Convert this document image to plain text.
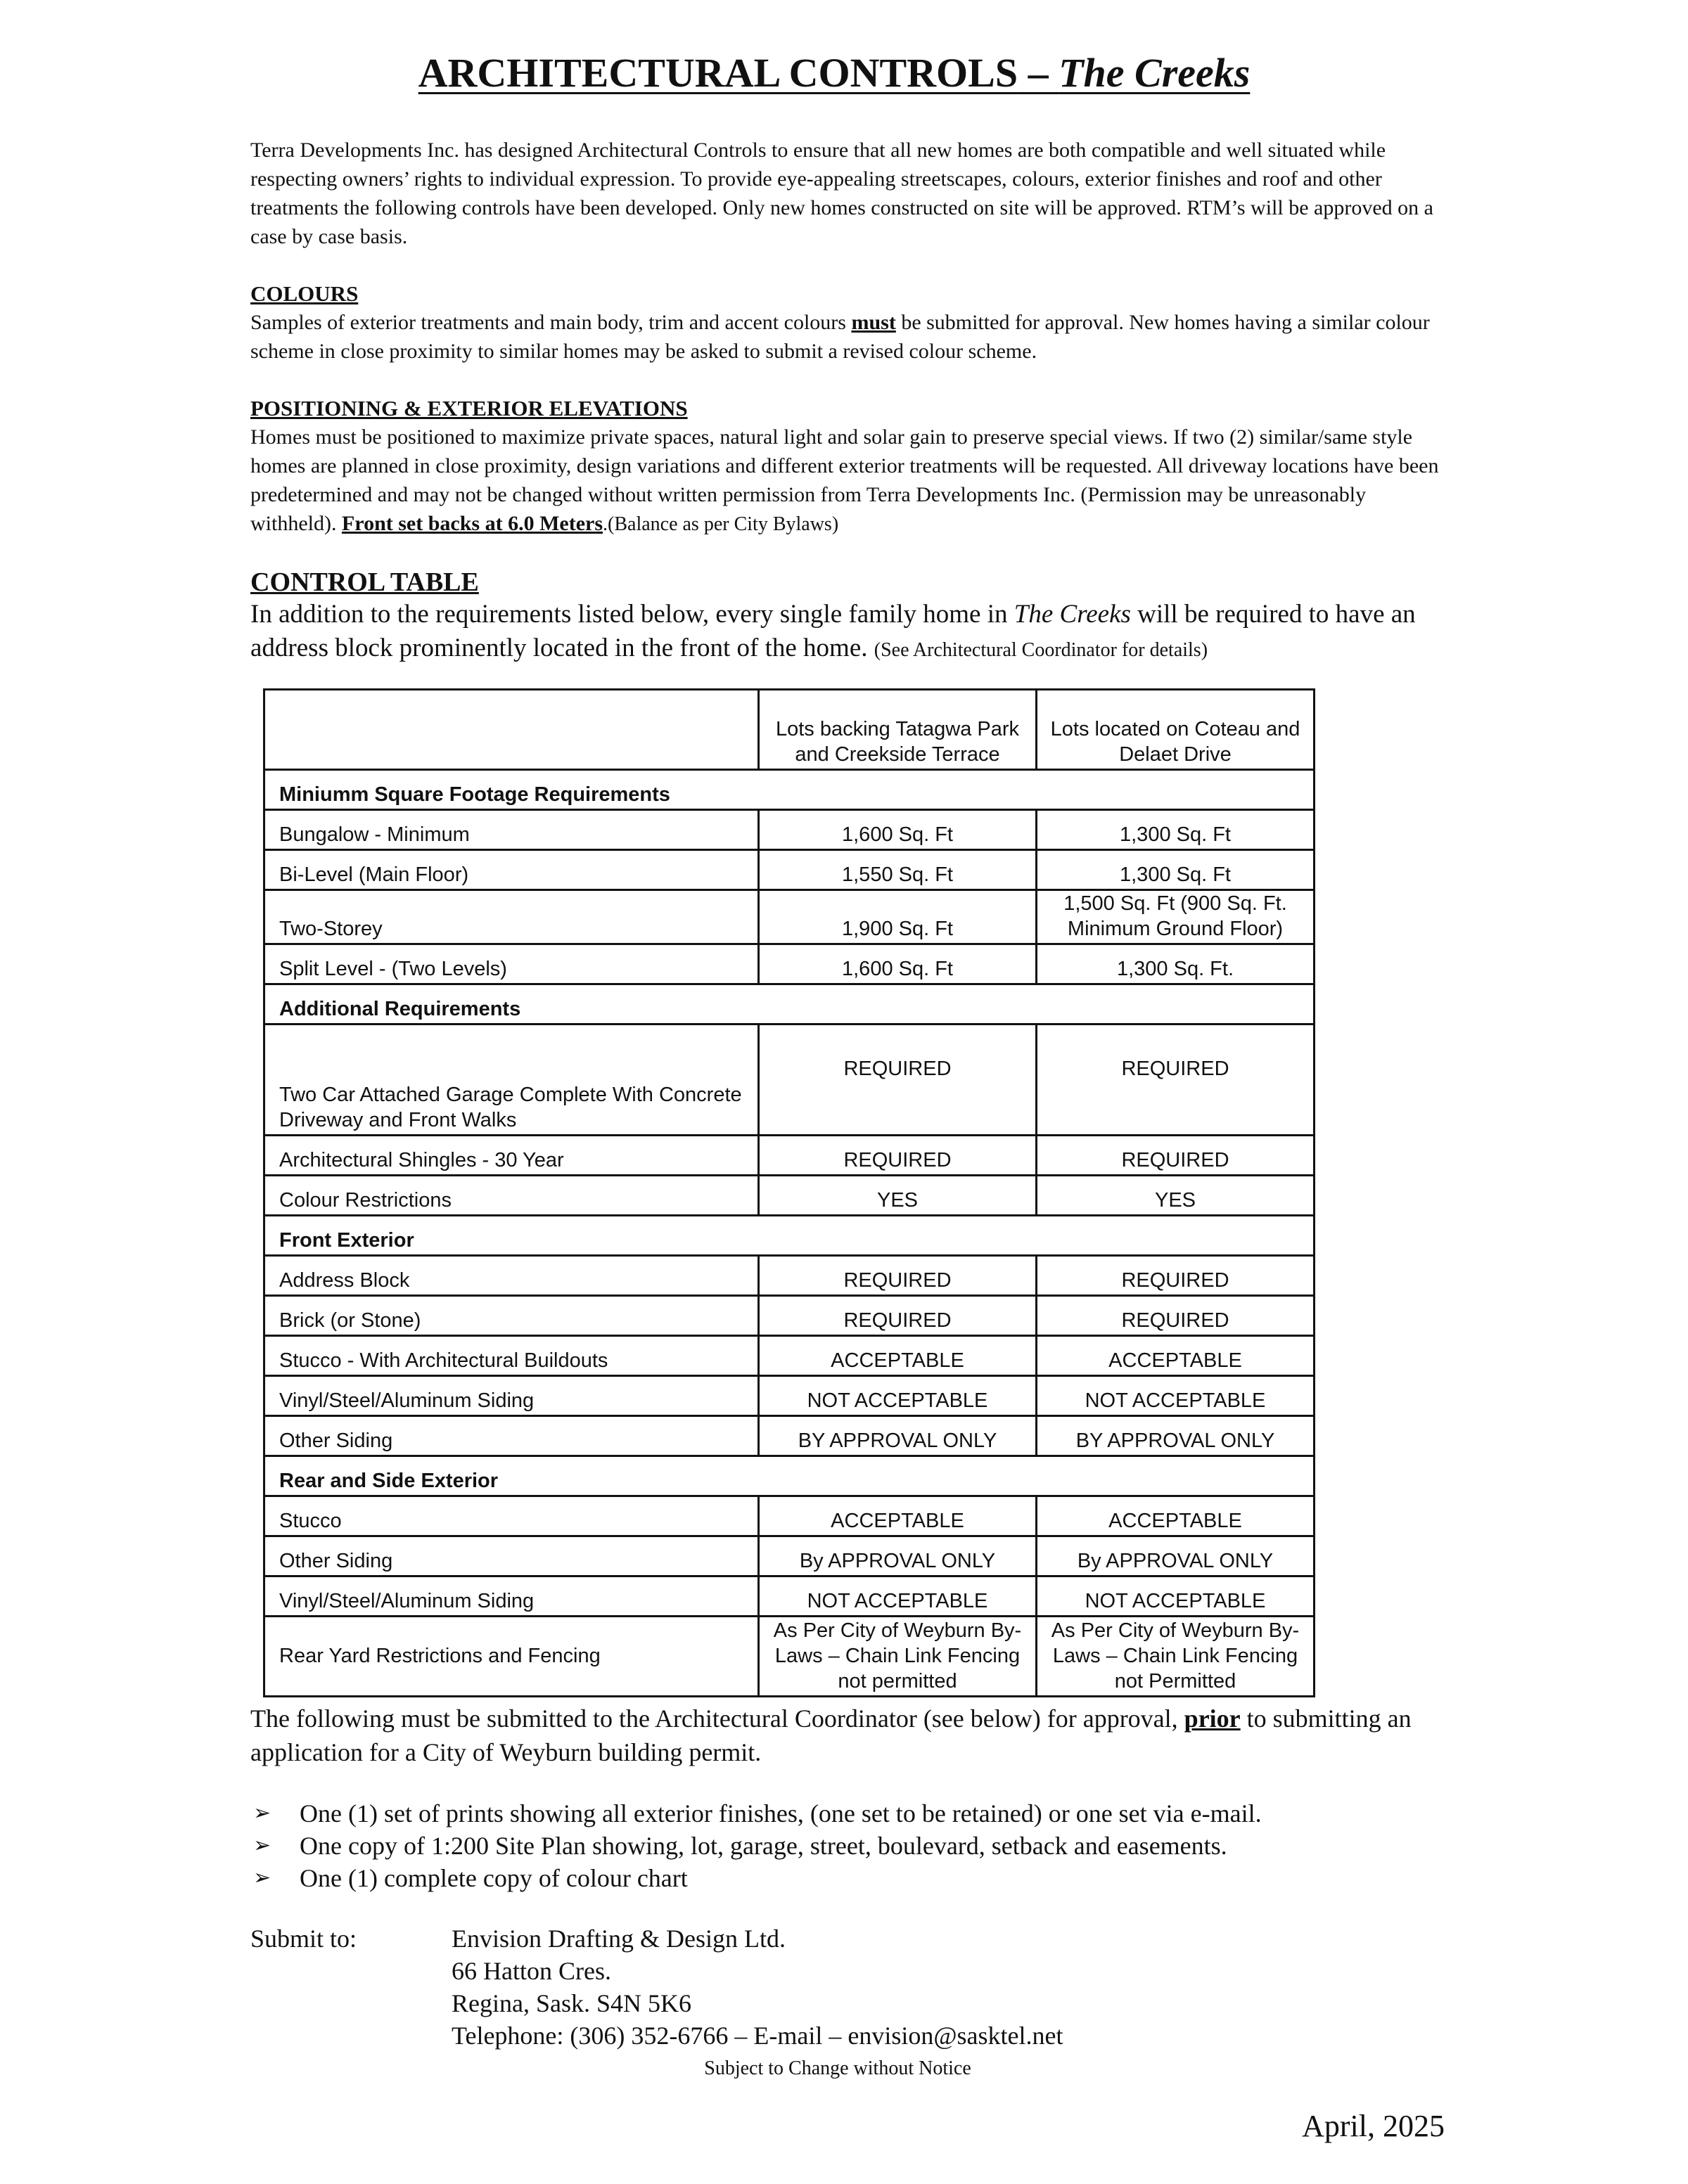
ARCHITECTURAL CONTROLS – The Creeks

Terra Developments Inc. has designed Architectural Controls to ensure that all new homes are both compatible and well situated while respecting owners’ rights to individual expression. To provide eye-appealing streetscapes, colours, exterior finishes and roof and other treatments the following controls have been developed. Only new homes constructed on site will be approved. RTM’s will be approved on a case by case basis.

COLOURS

Samples of exterior treatments and main body, trim and accent colours must be submitted for approval. New homes having a similar colour scheme in close proximity to similar homes may be asked to submit a revised colour scheme.

POSITIONING & EXTERIOR ELEVATIONS

Homes must be positioned to maximize private spaces, natural light and solar gain to preserve special views. If two (2) similar/same style homes are planned in close proximity, design variations and different exterior treatments will be requested. All driveway locations have been predetermined and may not be changed without written permission from Terra Developments Inc. (Permission may be unreasonably withheld). Front set backs at 6.0 Meters.(Balance as per City Bylaws)

CONTROL TABLE

In addition to the requirements listed below, every single family home in The Creeks will be required to have an address block prominently located in the front of the home. (See Architectural Coordinator for details)

	Lots backing Tatagwa Park and Creekside Terrace	Lots located on Coteau and Delaet Drive
Miniumm Square Footage Requirements		
Bungalow - Minimum	1,600 Sq. Ft	1,300 Sq. Ft
Bi-Level (Main Floor)	1,550 Sq. Ft	1,300 Sq. Ft
Two-Storey	1,900 Sq. Ft	1,500 Sq. Ft (900 Sq. Ft. Minimum Ground Floor)
Split Level - (Two Levels)	1,600 Sq. Ft	1,300 Sq. Ft.
Additional Requirements		
Two Car Attached Garage Complete With Concrete Driveway and Front Walks	REQUIRED	REQUIRED
Architectural Shingles - 30 Year	REQUIRED	REQUIRED
Colour Restrictions	YES	YES
Front Exterior		
Address Block	REQUIRED	REQUIRED
Brick (or Stone)	REQUIRED	REQUIRED
Stucco - With Architectural Buildouts	ACCEPTABLE	ACCEPTABLE
Vinyl/Steel/Aluminum Siding	NOT ACCEPTABLE	NOT ACCEPTABLE
Other Siding	BY APPROVAL ONLY	BY APPROVAL ONLY
Rear and Side Exterior		
Stucco	ACCEPTABLE	ACCEPTABLE
Other Siding	By APPROVAL ONLY	By APPROVAL ONLY
Vinyl/Steel/Aluminum Siding	NOT ACCEPTABLE	NOT ACCEPTABLE
Rear Yard Restrictions and Fencing	As Per City of Weyburn By-Laws – Chain Link Fencing not permitted	As Per City of Weyburn By-Laws – Chain Link Fencing not Permitted

The following must be submitted to the Architectural Coordinator (see below) for approval, prior to submitting an application for a City of Weyburn building permit.

➢ One (1) set of prints showing all exterior finishes, (one set to be retained) or one set via e-mail.
➢ One copy of 1:200 Site Plan showing, lot, garage, street, boulevard, setback and easements.
➢ One (1) complete copy of colour chart
Submit to:	Envision Drafting & Design Ltd.
66 Hatton Cres.
Regina, Sask. S4N 5K6
Telephone: (306) 352-6766 – E-mail – envision@sasktel.net
Subject to Change without Notice
April, 2025
